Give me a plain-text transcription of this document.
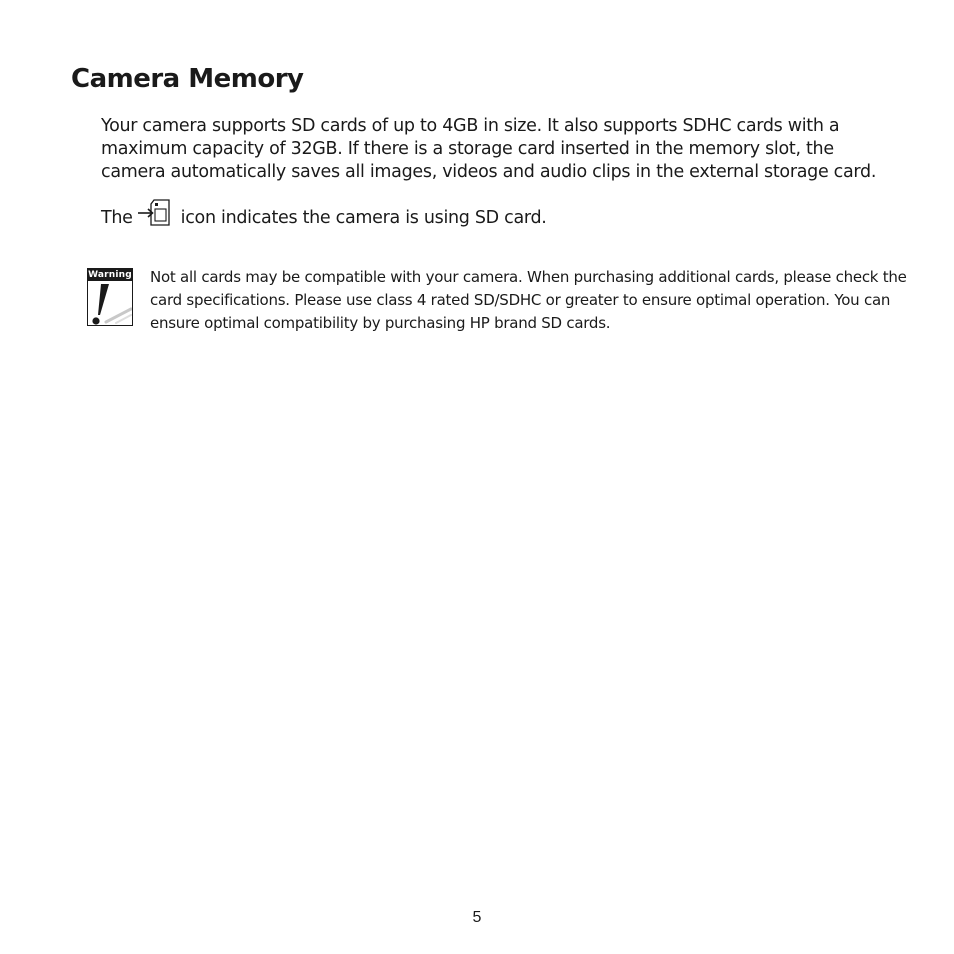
Camera Memory

Your camera supports SD cards of up to 4GB in size. It also supports SDHC cards with a maximum capacity of 32GB. If there is a storage card inserted in the memory slot, the camera automatically saves all images, videos and audio clips in the external storage card.

The	icon indicates the camera is using SD card.

Warning Not all cards may be compatible with your camera. When purchasing additional cards, please check the card specifications. Please use class 4 rated SD/SDHC or greater to ensure optimal operation. You can ensure optimal compatibility by purchasing HP brand SD cards.

5
